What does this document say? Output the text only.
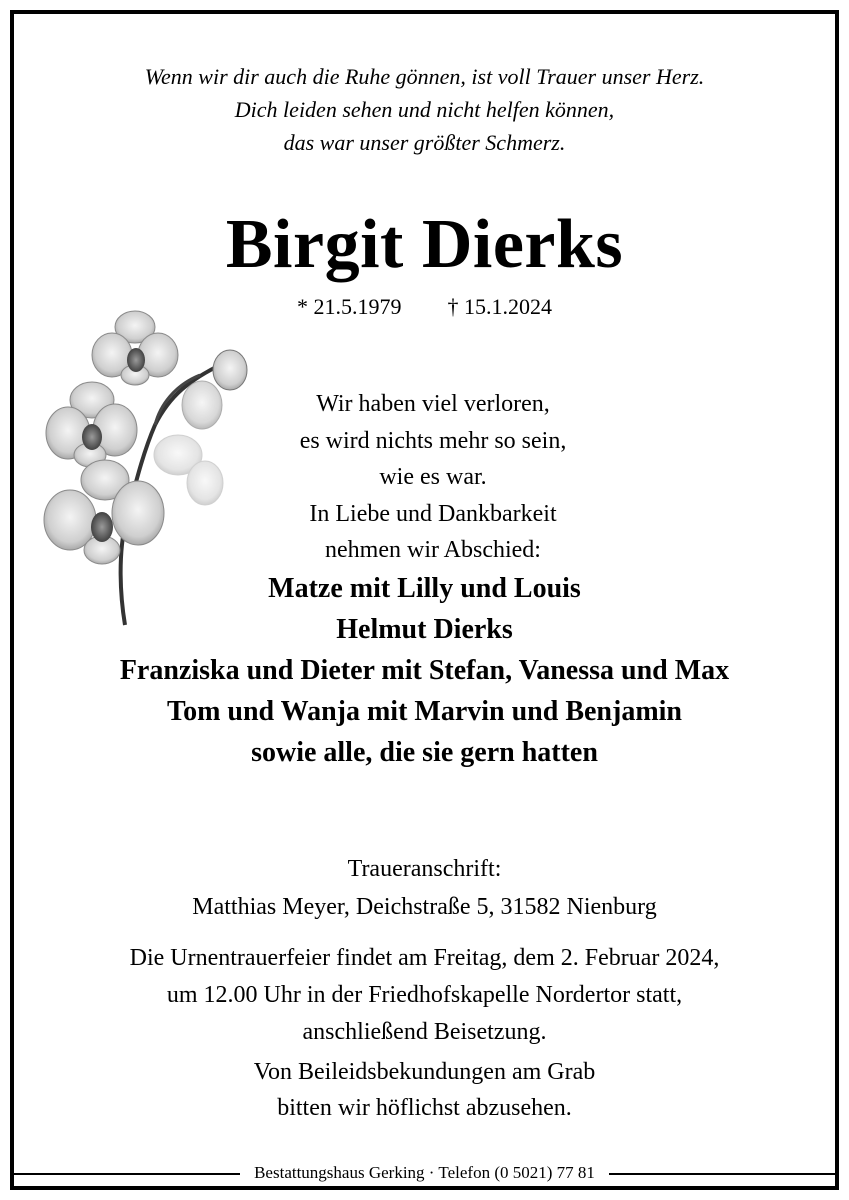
Wenn wir dir auch die Ruhe gönnen, ist voll Trauer unser Herz.
Dich leiden sehen und nicht helfen können,
das war unser größter Schmerz.
Birgit Dierks
* 21.5.1979 † 15.1.2024
Wir haben viel verloren,
es wird nichts mehr so sein,
wie es war.
In Liebe und Dankbarkeit
nehmen wir Abschied:
Matze mit Lilly und Louis
Helmut Dierks
Franziska und Dieter mit Stefan, Vanessa und Max
Tom und Wanja mit Marvin und Benjamin
sowie alle, die sie gern hatten
Traueranschrift:
Matthias Meyer, Deichstraße 5, 31582 Nienburg
Die Urnentrauerfeier findet am Freitag, dem 2. Februar 2024,
um 12.00 Uhr in der Friedhofskapelle Nordertor statt,
anschließend Beisetzung.
Von Beileidsbekundungen am Grab
bitten wir höflichst abzusehen.
Bestattungshaus Gerking · Telefon (0 5021) 77 81
